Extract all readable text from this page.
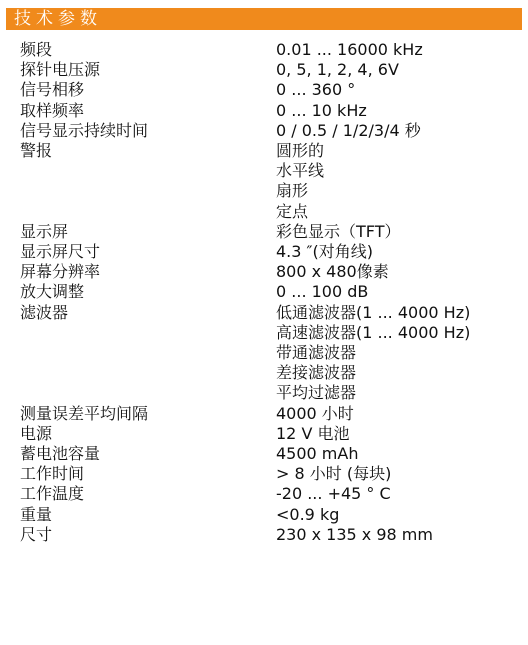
技术参数
频段	0.01 ... 16000 kHz
探针电压源	0, 5, 1, 2, 4, 6V
信号相移	0 ... 360 °
取样频率	0 ... 10 kHz
信号显示持续时间	0 / 0.5 / 1/2/3/4 秒
警报	圆形的
水平线
扇形
定点
显示屏	彩色显示（TFT）
显示屏尺寸	4.3 ″(对角线)
屏幕分辨率	800 x 480像素
放大调整	0 ... 100 dB
滤波器	低通滤波器(1 ... 4000 Hz)
高速滤波器(1 ... 4000 Hz)
带通滤波器
差接滤波器
平均过滤器
测量误差平均间隔	4000 小时
电源	12 V 电池
蓄电池容量	4500 mAh
工作时间	> 8 小时 (每块)
工作温度	-20 ... +45 ° C
重量	<0.9 kg
尺寸	230 x 135 x 98 mm
